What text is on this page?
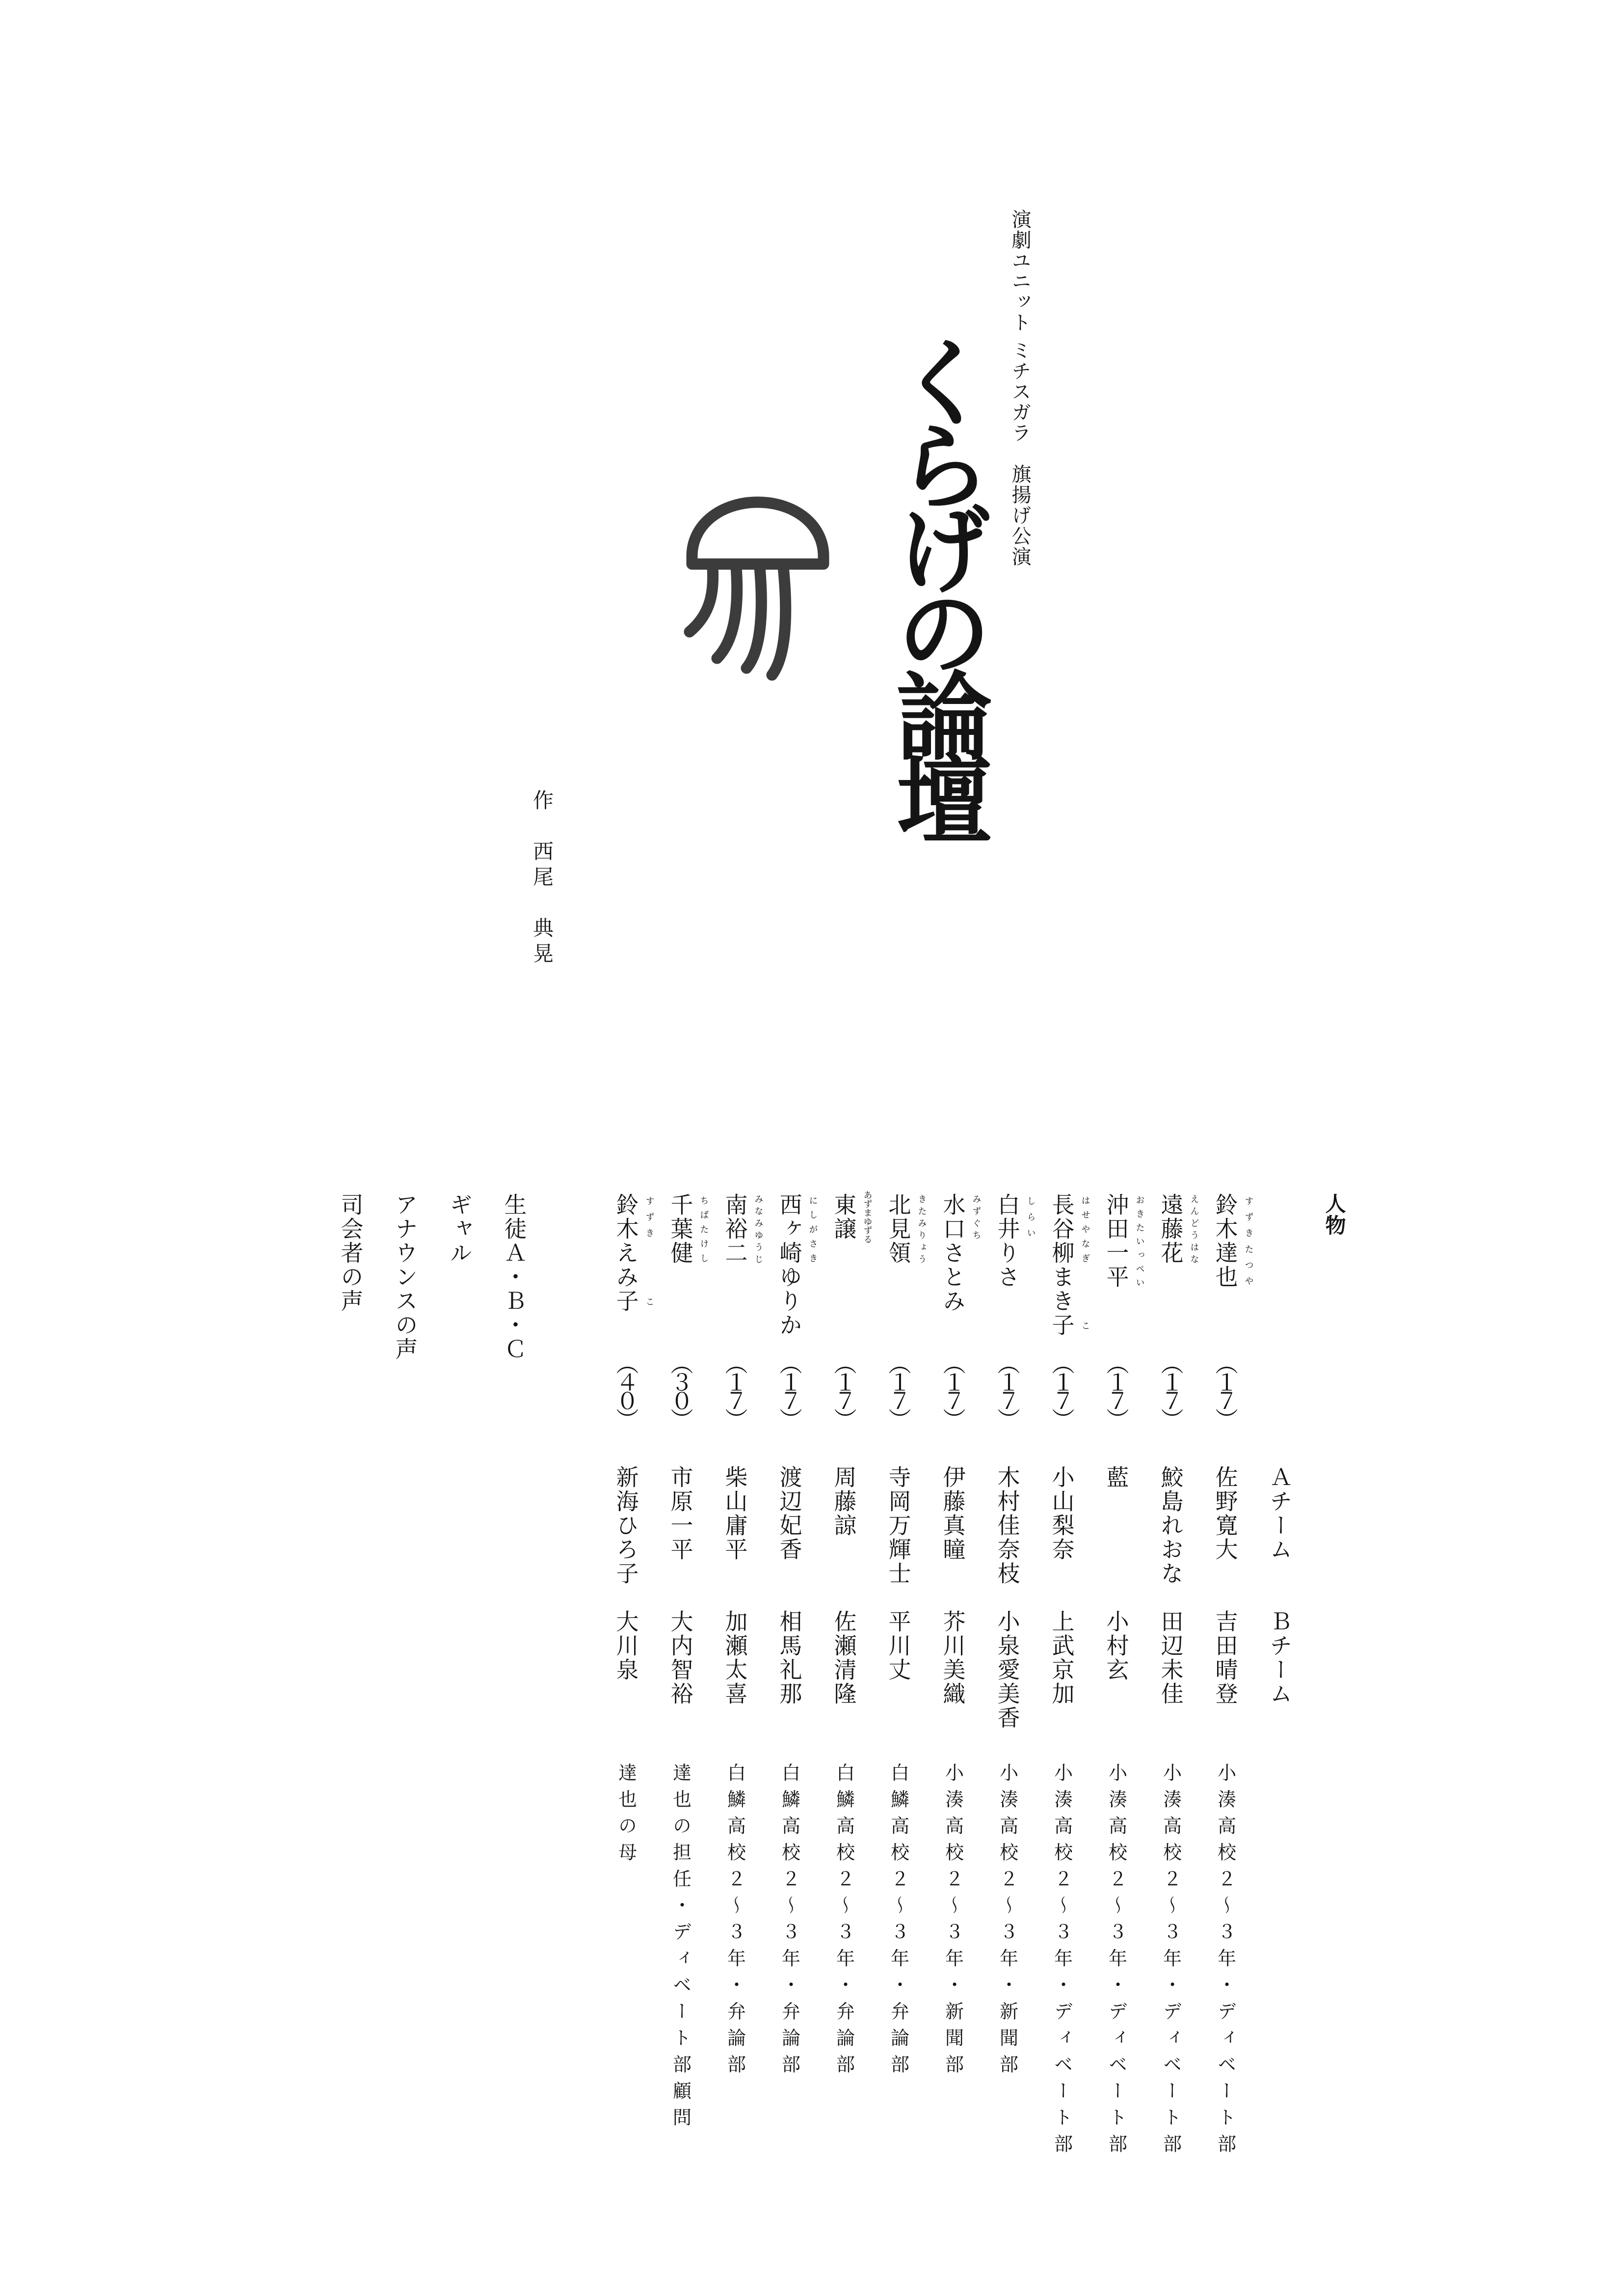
演劇ユニット ミチスガラ　旗揚げ公演
くらげの論壇
作　西尾　典晃
人物
Ａチーム
Ｂチーム
すずきたつや
鈴木達也
（１７）
佐野寛大
吉田晴登
小湊高校２〜３年・ディベート部
えんどうはな
遠藤花
（１７）
鮫島れおな
田辺未佳
小湊高校２〜３年・ディベート部
おきたいっぺい
沖田一平
（１７）
藍
小村玄
小湊高校２〜３年・ディベート部
はせやなぎ
こ
長谷柳まき子
（１７）
小山梨奈
上武京加
小湊高校２〜３年・ディベート部
しらい
白井りさ
（１７）
木村佳奈枝
小泉愛美香
小湊高校２〜３年・新聞部
みずぐち
水口さとみ
（１７）
伊藤真瞳
芥川美織
小湊高校２〜３年・新聞部
きたみりょう
北見領
（１７）
寺岡万輝士
平川丈
白鱗高校２〜３年・弁論部
あずまゆずる
東譲
（１７）
周藤諒
佐瀬清隆
白鱗高校２〜３年・弁論部
にしがさき
西ヶ崎ゆりか
（１７）
渡辺妃香
相馬礼那
白鱗高校２〜３年・弁論部
みなみゆうじ
南裕二
（１７）
柴山庸平
加瀬太喜
白鱗高校２〜３年・弁論部
ちばたけし
千葉健
（３０）
市原一平
大内智裕
達也の担任・ディベート部顧問
すずき
こ
鈴木えみ子
（４０）
新海ひろ子
大川泉
達也の母
生徒Ａ・Ｂ・Ｃ
ギャル
アナウンスの声
司会者の声
